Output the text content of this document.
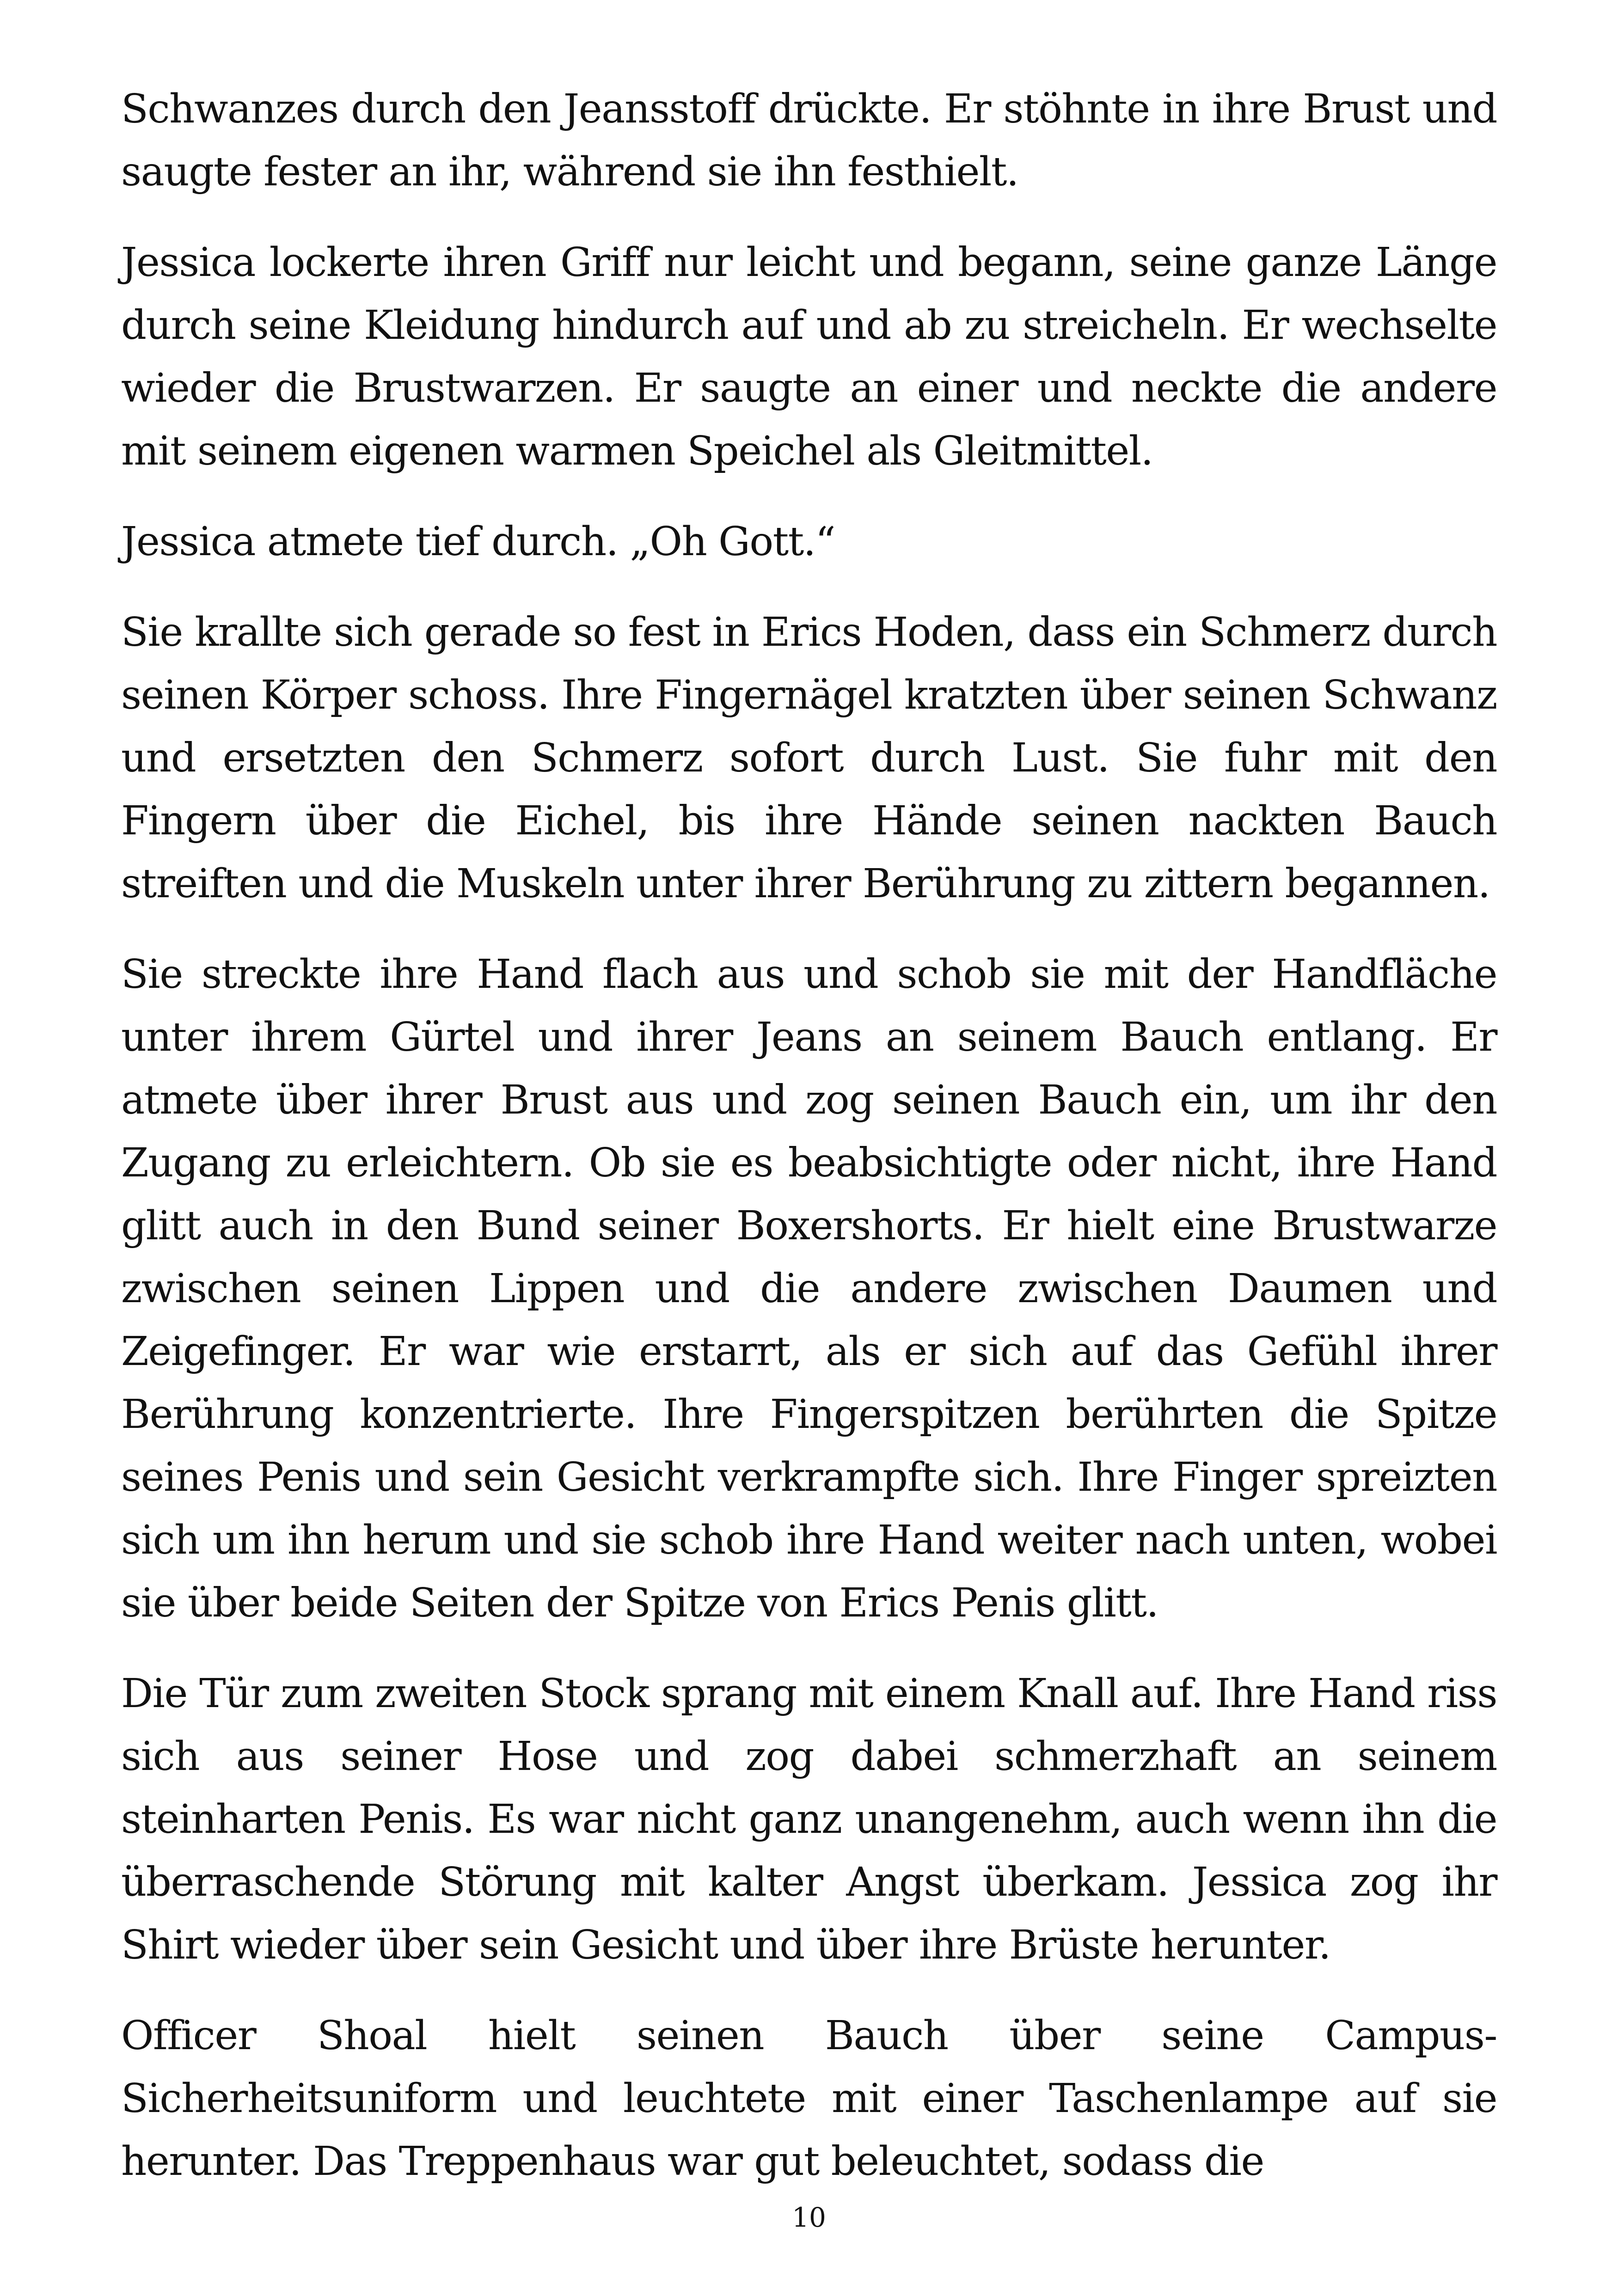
Schwanzes durch den Jeansstoff drückte. Er stöhnte in ihre Brust und saugte fester an ihr, während sie ihn festhielt.

Jessica lockerte ihren Griff nur leicht und begann, seine ganze Länge durch seine Kleidung hindurch auf und ab zu streicheln. Er wechselte wieder die Brustwarzen. Er saugte an einer und neckte die andere mit seinem eigenen warmen Speichel als Gleitmittel.

Jessica atmete tief durch. „Oh Gott.“

Sie krallte sich gerade so fest in Erics Hoden, dass ein Schmerz durch seinen Körper schoss. Ihre Fingernägel kratzten über seinen Schwanz und ersetzten den Schmerz sofort durch Lust. Sie fuhr mit den Fingern über die Eichel, bis ihre Hände seinen nackten Bauch streiften und die Muskeln unter ihrer Berührung zu zittern begannen.

Sie streckte ihre Hand flach aus und schob sie mit der Handfläche unter ihrem Gürtel und ihrer Jeans an seinem Bauch entlang. Er atmete über ihrer Brust aus und zog seinen Bauch ein, um ihr den Zugang zu erleichtern. Ob sie es beabsichtigte oder nicht, ihre Hand glitt auch in den Bund seiner Boxershorts. Er hielt eine Brustwarze zwischen seinen Lippen und die andere zwischen Daumen und Zeigefinger. Er war wie erstarrt, als er sich auf das Gefühl ihrer Berührung konzentrierte. Ihre Fingerspitzen berührten die Spitze seines Penis und sein Gesicht verkrampfte sich. Ihre Finger spreizten sich um ihn herum und sie schob ihre Hand weiter nach unten, wobei sie über beide Seiten der Spitze von Erics Penis glitt.

Die Tür zum zweiten Stock sprang mit einem Knall auf. Ihre Hand riss sich aus seiner Hose und zog dabei schmerzhaft an seinem steinharten Penis. Es war nicht ganz unangenehm, auch wenn ihn die überraschende Störung mit kalter Angst überkam. Jessica zog ihr Shirt wieder über sein Gesicht und über ihre Brüste herunter.

Officer Shoal hielt seinen Bauch über seine Campus-Sicherheitsuniform und leuchtete mit einer Taschenlampe auf sie herunter. Das Treppenhaus war gut beleuchtet, sodass die

10
